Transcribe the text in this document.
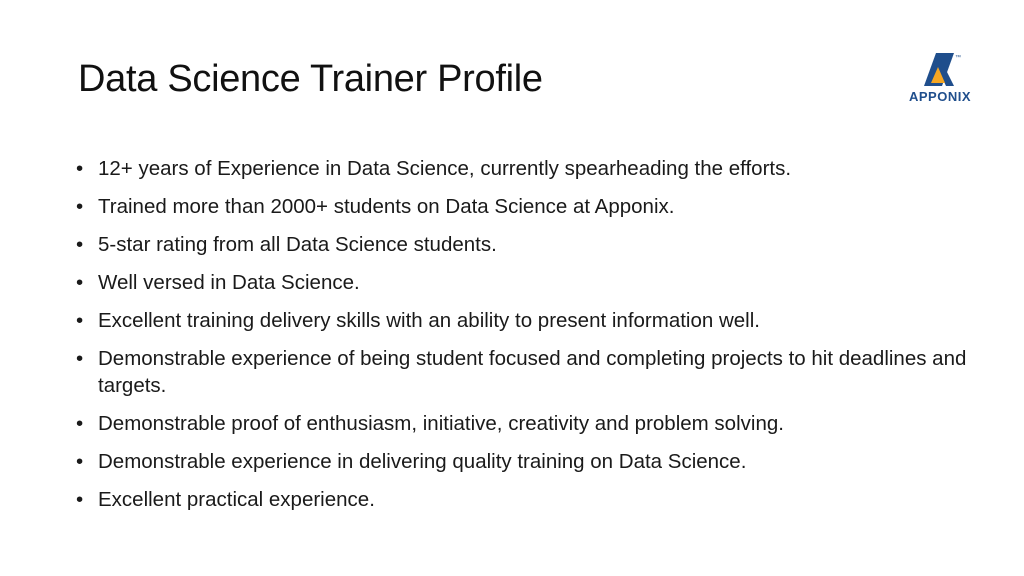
Data Science Trainer Profile	™
APPONIX
• 12+ years of Experience in Data Science, currently spearheading the efforts.
• Trained more than 2000+ students on Data Science at Apponix.
• 5-star rating from all Data Science students.
• Well versed in Data Science.
• Excellent training delivery skills with an ability to present information well.
• Demonstrable experience of being student focused and completing projects to hit deadlines and targets.
• Demonstrable proof of enthusiasm, initiative, creativity and problem solving.
• Demonstrable experience in delivering quality training on Data Science.
• Excellent practical experience.
